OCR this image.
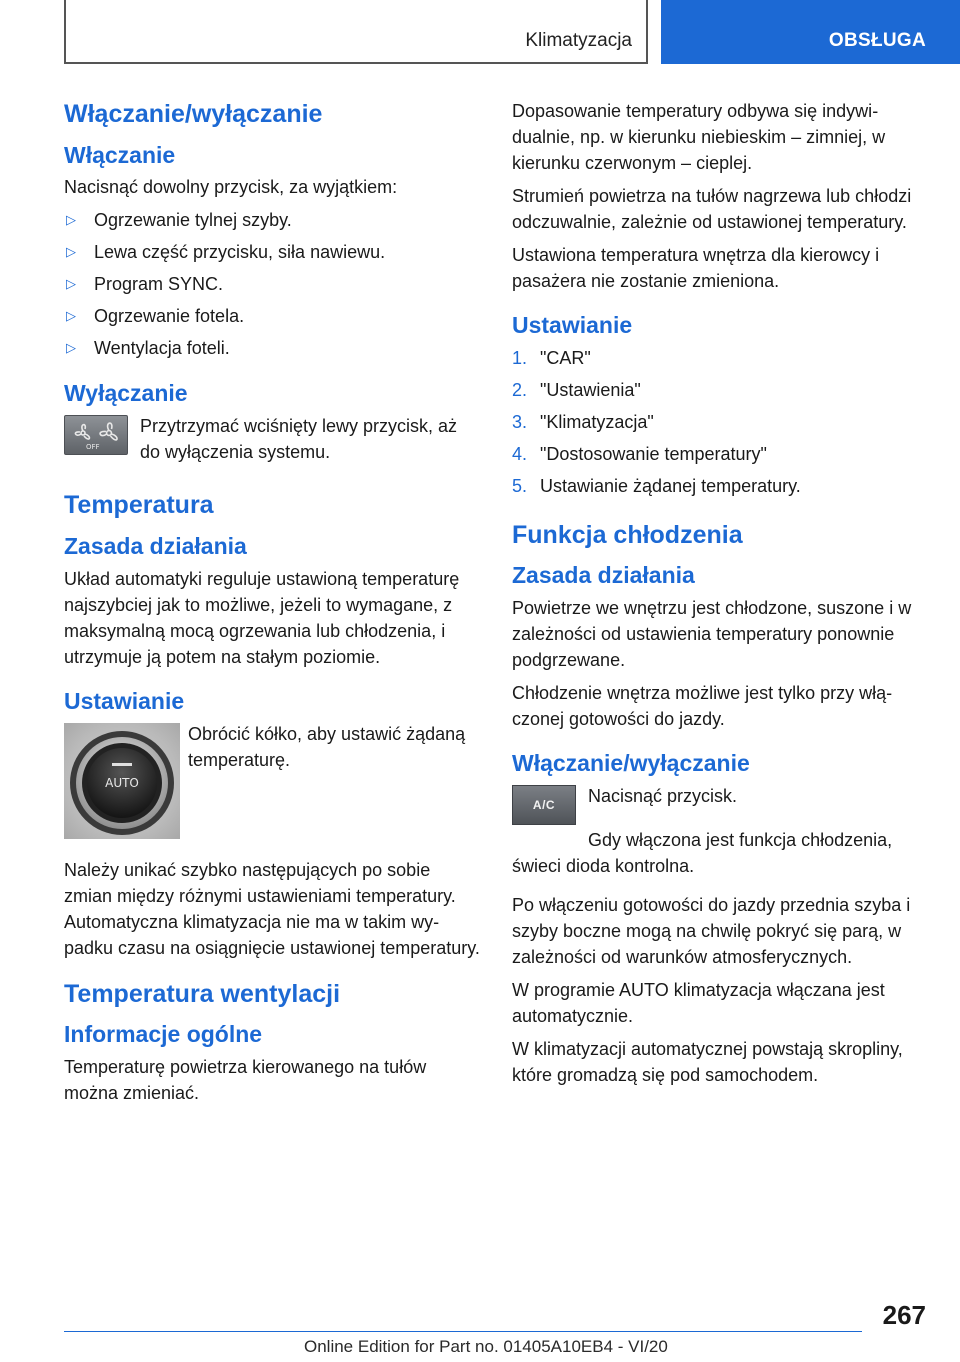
Klimatyzacja	OBSŁUGA
Włączanie/wyłączanie
Włączanie

Nacisnąć dowolny przycisk, za wyjątkiem:

▷ Ogrzewanie tylnej szyby.
▷ Lewa część przycisku, siła nawiewu.
▷ Program SYNC.
▷ Ogrzewanie fotela.
▷ Wentylacja foteli.
Wyłączanie
OFF

Przytrzymać wciśnięty lewy przycisk, aż do wyłączenia systemu.

Temperatura
Zasada działania

Układ automatyki reguluje ustawioną temperaturę najszybciej jak to możliwe, jeżeli to wymagane, z maksymalną mocą ogrzewania lub chłodzenia, i utrzymuje ją potem na stałym poziomie.

Ustawianie
AUTO

Obrócić kółko, aby ustawić żądaną temperaturę.

Należy unikać szybko następujących po sobie zmian między różnymi ustawieniami temperatury. Automatyczna klimatyzacja nie ma w takim wypadku czasu na osiągnięcie ustawionej temperatury.

Temperatura wentylacji
Informacje ogólne

Temperaturę powietrza kierowanego na tułów można zmieniać.

Dopasowanie temperatury odbywa się indywidualnie, np. w kierunku niebieskim – zimniej, w kierunku czerwonym – cieplej.

Strumień powietrza na tułów nagrzewa lub chłodzi odczuwalnie, zależnie od ustawionej temperatury.

Ustawiona temperatura wnętrza dla kierowcy i pasażera nie zostanie zmieniona.

Ustawianie
1. "CAR"
2. "Ustawienia"
3. "Klimatyzacja"
4. "Dostosowanie temperatury"
5. Ustawianie żądanej temperatury.
Funkcja chłodzenia
Zasada działania

Powietrze we wnętrzu jest chłodzone, suszone i w zależności od ustawienia temperatury ponownie podgrzewane.

Chłodzenie wnętrza możliwe jest tylko przy włączonej gotowości do jazdy.

Włączanie/wyłączanie
A/C Nacisnąć przycisk.

Gdy włączona jest funkcja chłodzenia, świeci dioda kontrolna.

Po włączeniu gotowości do jazdy przednia szyba i szyby boczne mogą na chwilę pokryć się parą, w zależności od warunków atmosferycznych.

W programie AUTO klimatyzacja włączana jest automatycznie.

W klimatyzacji automatycznej powstają skropliny, które gromadzą się pod samochodem.

267
Online Edition for Part no. 01405A10EB4 - VI/20
